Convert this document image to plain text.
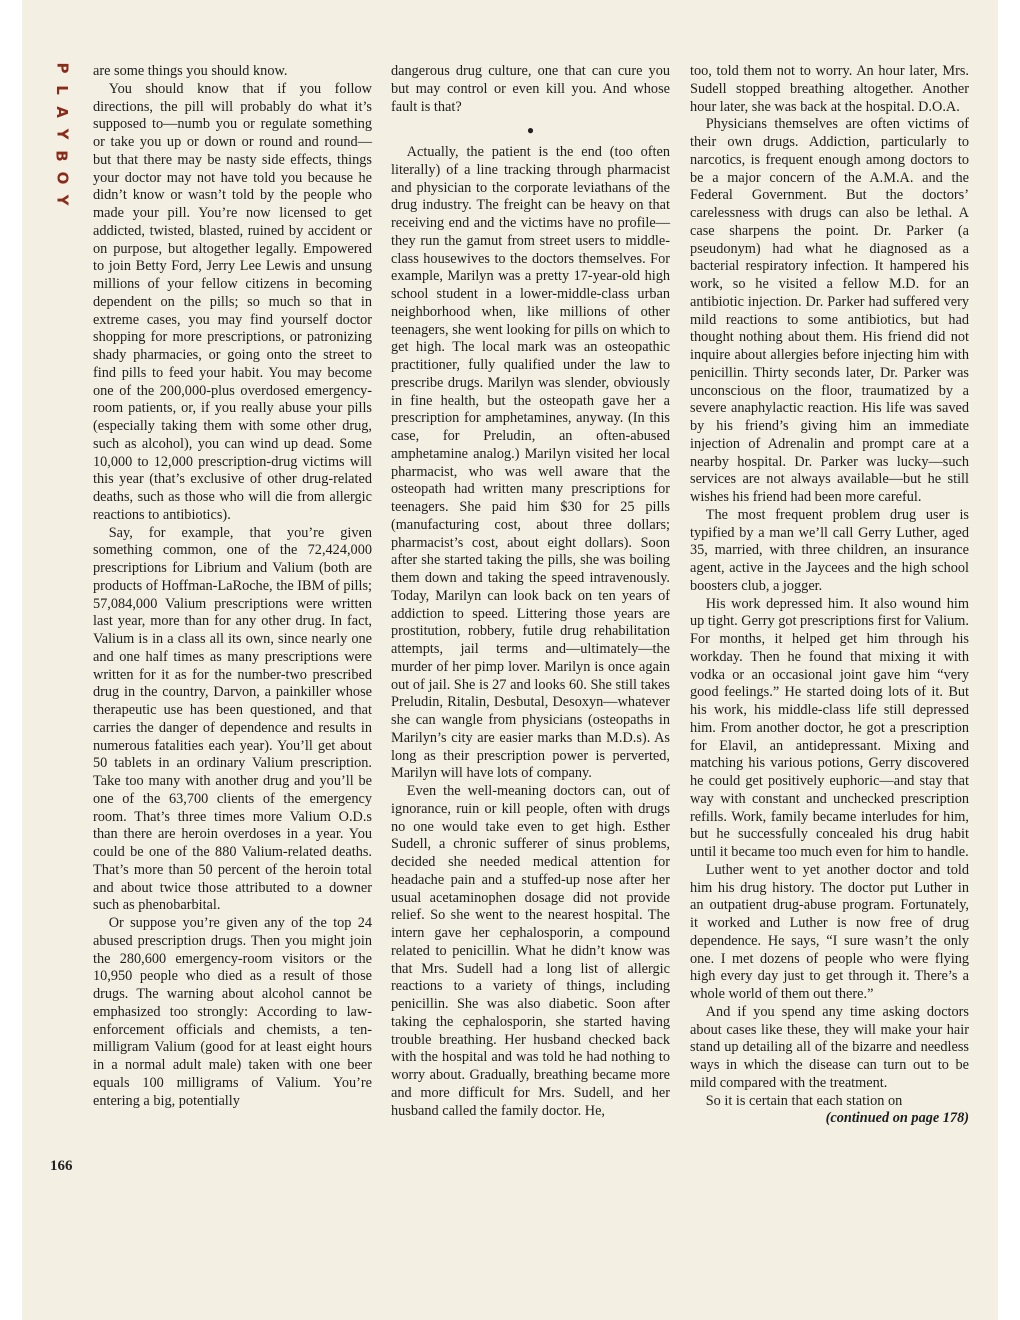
P
L
A
Y
B
O
Y
166

are some things you should know.

You should know that if you follow directions, the pill will probably do what it’s supposed to—numb you or regulate something or take you up or down or round and round—but that there may be nasty side effects, things your doctor may not have told you because he didn’t know or wasn’t told by the people who made your pill. You’re now licensed to get addicted, twisted, blasted, ruined by accident or on purpose, but altogether legally. Empowered to join Betty Ford, Jerry Lee Lewis and unsung millions of your fellow citizens in becoming dependent on the pills; so much so that in extreme cases, you may find yourself doctor shopping for more prescriptions, or patronizing shady pharmacies, or going onto the street to find pills to feed your habit. You may become one of the 200,000-plus overdosed emergency-room patients, or, if you really abuse your pills (especially taking them with some other drug, such as alcohol), you can wind up dead. Some 10,000 to 12,000 prescription-drug victims will this year (that’s exclusive of other drug-related deaths, such as those who will die from allergic reactions to antibiotics).

Say, for example, that you’re given something common, one of the 72,424,000 prescriptions for Librium and Valium (both are products of Hoffman-LaRoche, the IBM of pills; 57,084,000 Valium prescriptions were written last year, more than for any other drug. In fact, Valium is in a class all its own, since nearly one and one half times as many prescriptions were written for it as for the number-two prescribed drug in the country, Darvon, a painkiller whose therapeutic use has been questioned, and that carries the danger of dependence and results in numerous fatalities each year). You’ll get about 50 tablets in an ordinary Valium prescription. Take too many with another drug and you’ll be one of the 63,700 clients of the emergency room. That’s three times more Valium O.D.s than there are heroin overdoses in a year. You could be one of the 880 Valium-related deaths. That’s more than 50 percent of the heroin total and about twice those attributed to a downer such as phenobarbital.

Or suppose you’re given any of the top 24 abused prescription drugs. Then you might join the 280,600 emergency-room visitors or the 10,950 people who died as a result of those drugs. The warning about alcohol cannot be emphasized too strongly: According to law-enforcement officials and chemists, a ten-milligram Valium (good for at least eight hours in a normal adult male) taken with one beer equals 100 milligrams of Valium. You’re entering a big, potentially

dangerous drug culture, one that can cure you but may control or even kill you. And whose fault is that?

●

Actually, the patient is the end (too often literally) of a line tracking through pharmacist and physician to the corporate leviathans of the drug industry. The freight can be heavy on that receiving end and the victims have no profile—they run the gamut from street users to middle-class housewives to the doctors themselves. For example, Marilyn was a pretty 17-year-old high school student in a lower-middle-class urban neighborhood when, like millions of other teenagers, she went looking for pills on which to get high. The local mark was an osteopathic practitioner, fully qualified under the law to prescribe drugs. Marilyn was slender, obviously in fine health, but the osteopath gave her a prescription for amphetamines, anyway. (In this case, for Preludin, an often-abused amphetamine analog.) Marilyn visited her local pharmacist, who was well aware that the osteopath had written many prescriptions for teenagers. She paid him $30 for 25 pills (manufacturing cost, about three dollars; pharmacist’s cost, about eight dollars). Soon after she started taking the pills, she was boiling them down and taking the speed intravenously. Today, Marilyn can look back on ten years of addiction to speed. Littering those years are prostitution, robbery, futile drug rehabilitation attempts, jail terms and—ultimately—the murder of her pimp lover. Marilyn is once again out of jail. She is 27 and looks 60. She still takes Preludin, Ritalin, Desbutal, Desoxyn—whatever she can wangle from physicians (osteopaths in Marilyn’s city are easier marks than M.D.s). As long as their prescription power is perverted, Marilyn will have lots of company.

Even the well-meaning doctors can, out of ignorance, ruin or kill people, often with drugs no one would take even to get high. Esther Sudell, a chronic sufferer of sinus problems, decided she needed medical attention for headache pain and a stuffed-up nose after her usual acetaminophen dosage did not provide relief. So she went to the nearest hospital. The intern gave her cephalosporin, a compound related to penicillin. What he didn’t know was that Mrs. Sudell had a long list of allergic reactions to a variety of things, including penicillin. She was also diabetic. Soon after taking the cephalosporin, she started having trouble breathing. Her husband checked back with the hospital and was told he had nothing to worry about. Gradually, breathing became more and more difficult for Mrs. Sudell, and her husband called the family doctor. He,

too, told them not to worry. An hour later, Mrs. Sudell stopped breathing altogether. Another hour later, she was back at the hospital. D.O.A.

Physicians themselves are often victims of their own drugs. Addiction, particularly to narcotics, is frequent enough among doctors to be a major concern of the A.M.A. and the Federal Government. But the doctors’ carelessness with drugs can also be lethal. A case sharpens the point. Dr. Parker (a pseudonym) had what he diagnosed as a bacterial respiratory infection. It hampered his work, so he visited a fellow M.D. for an antibiotic injection. Dr. Parker had suffered very mild reactions to some antibiotics, but had thought nothing about them. His friend did not inquire about allergies before injecting him with penicillin. Thirty seconds later, Dr. Parker was unconscious on the floor, traumatized by a severe anaphylactic reaction. His life was saved by his friend’s giving him an immediate injection of Adrenalin and prompt care at a nearby hospital. Dr. Parker was lucky—such services are not always available—but he still wishes his friend had been more careful.

The most frequent problem drug user is typified by a man we’ll call Gerry Luther, aged 35, married, with three children, an insurance agent, active in the Jaycees and the high school boosters club, a jogger.

His work depressed him. It also wound him up tight. Gerry got prescriptions first for Valium. For months, it helped get him through his workday. Then he found that mixing it with vodka or an occasional joint gave him “very good feelings.” He started doing lots of it. But his work, his middle-class life still depressed him. From another doctor, he got a prescription for Elavil, an antidepressant. Mixing and matching his various potions, Gerry discovered he could get positively euphoric—and stay that way with constant and unchecked prescription refills. Work, family became interludes for him, but he successfully concealed his drug habit until it became too much even for him to handle.

Luther went to yet another doctor and told him his drug history. The doctor put Luther in an outpatient drug-abuse program. Fortunately, it worked and Luther is now free of drug dependence. He says, “I sure wasn’t the only one. I met dozens of people who were flying high every day just to get through it. There’s a whole world of them out there.”

And if you spend any time asking doctors about cases like these, they will make your hair stand up detailing all of the bizarre and needless ways in which the disease can turn out to be mild compared with the treatment.

So it is certain that each station on

(continued on page 178)
